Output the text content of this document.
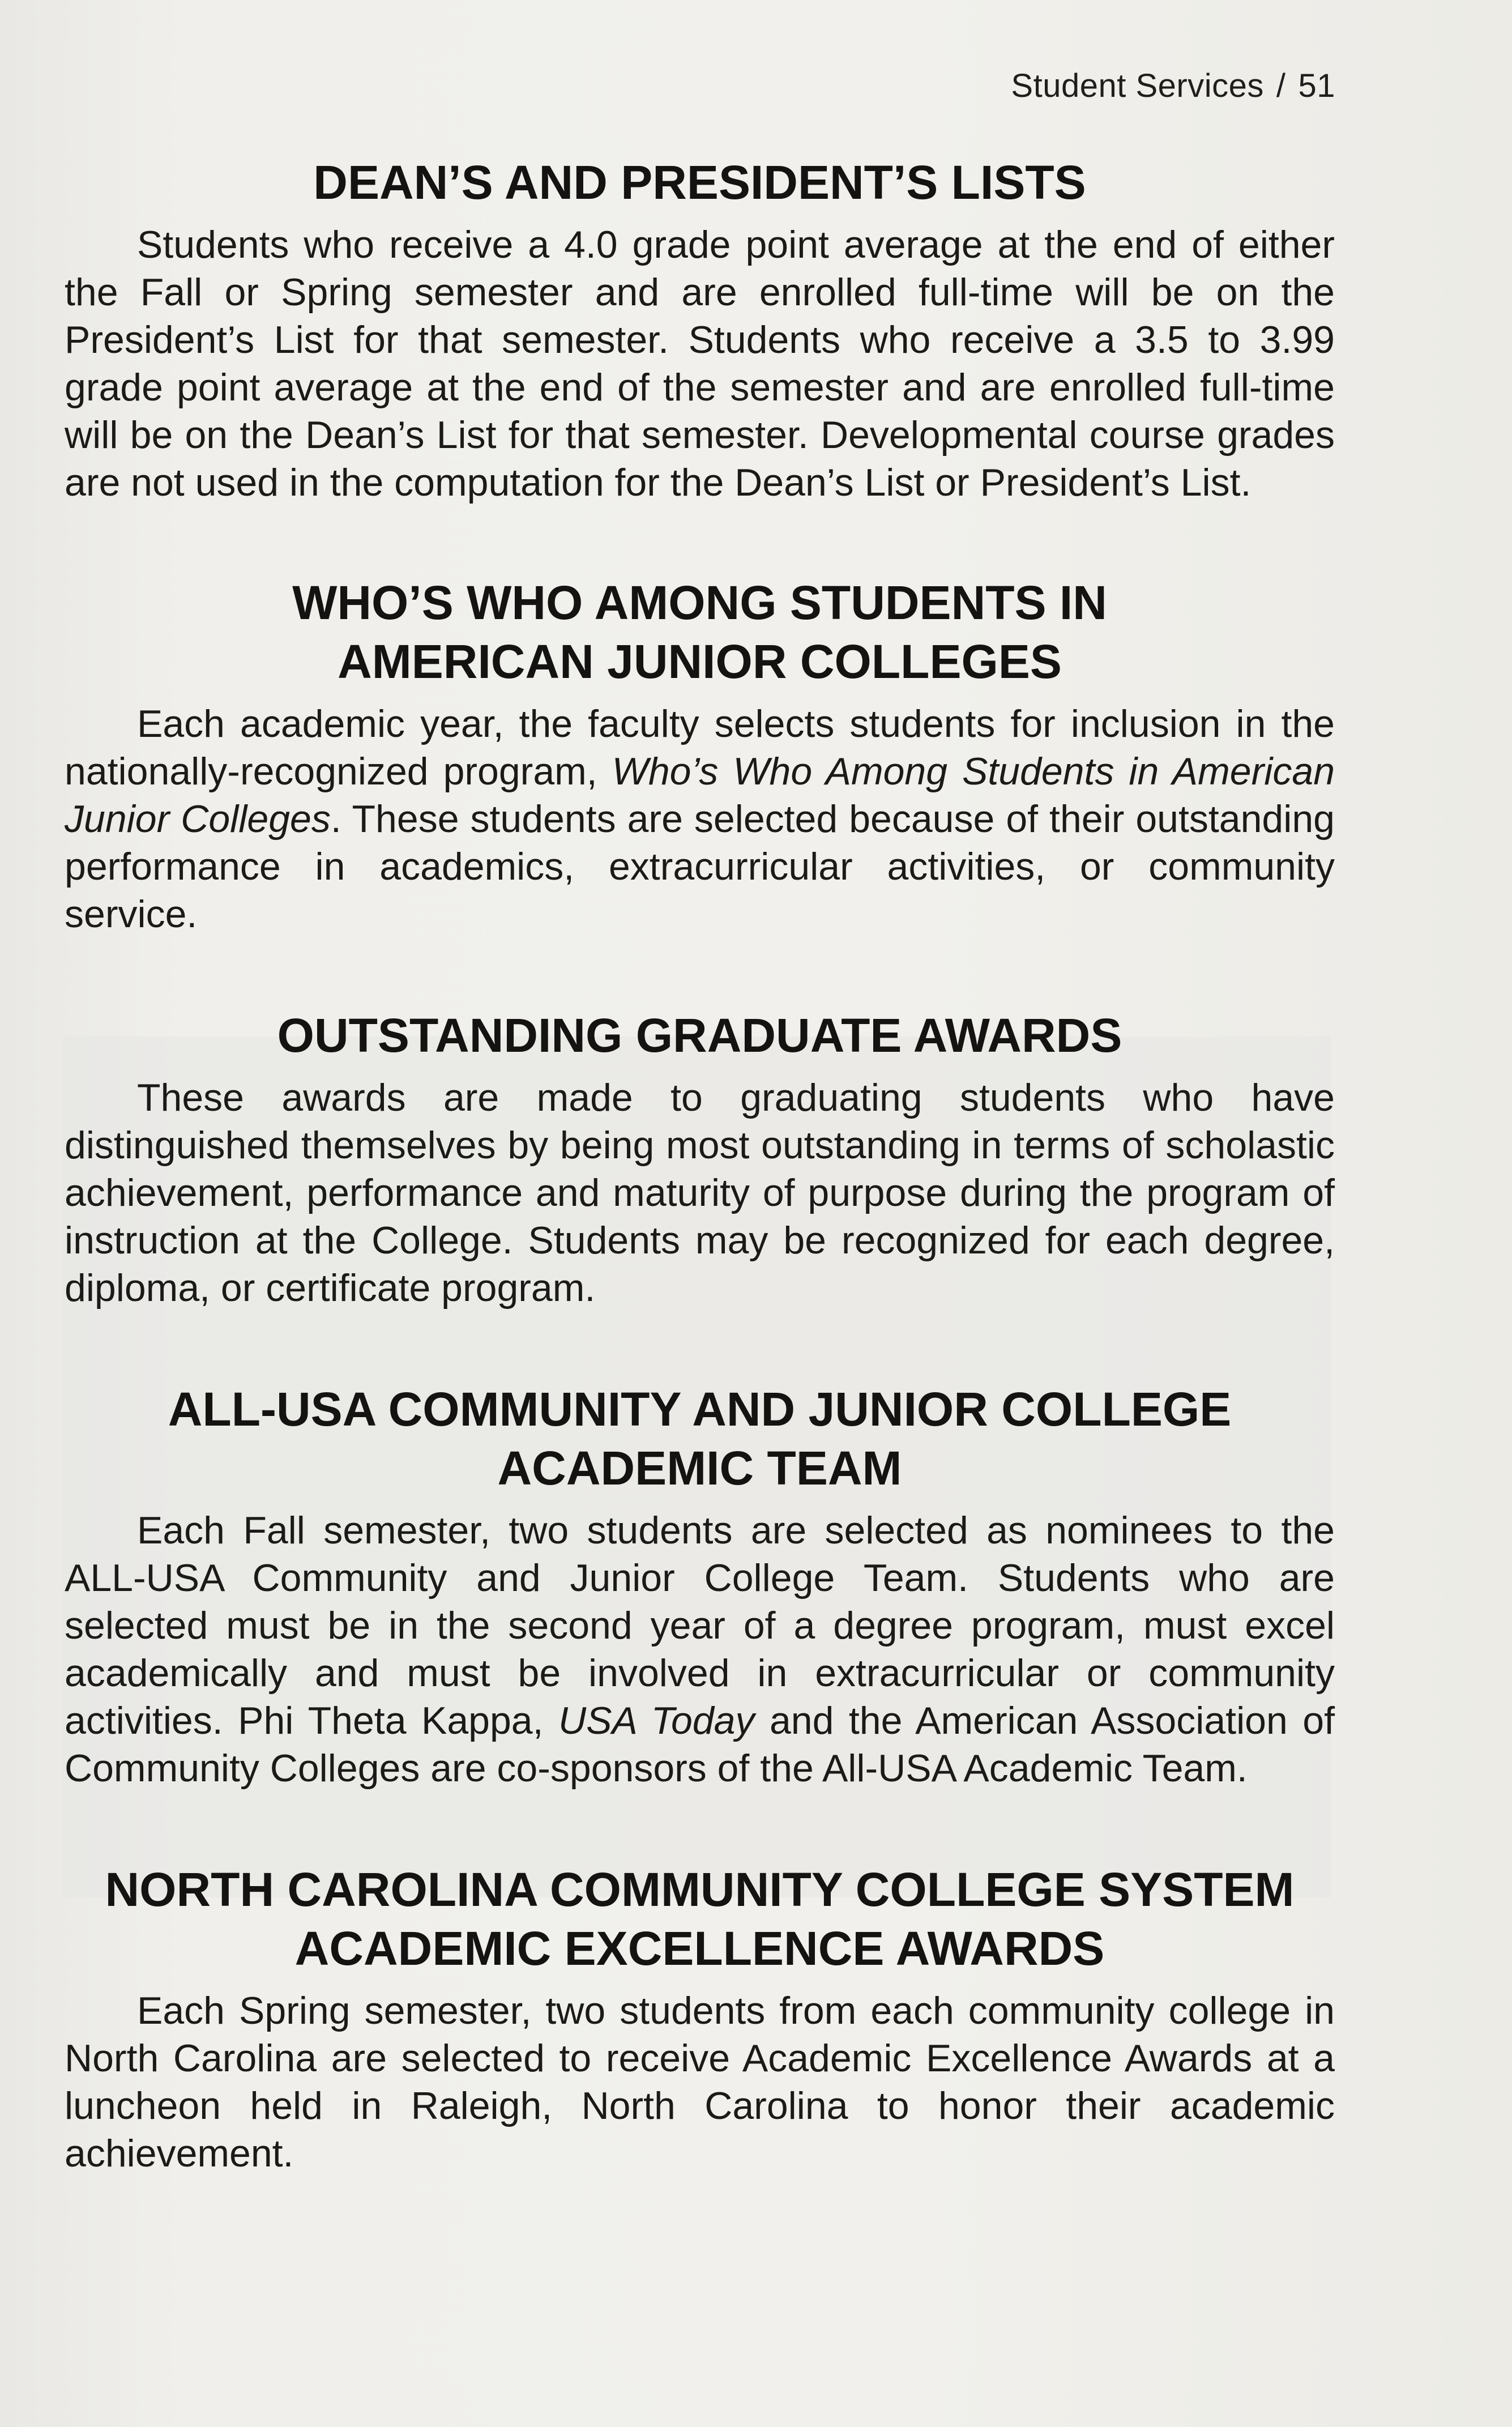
Student Services / 51
DEAN’S AND PRESIDENT’S LISTS

Students who receive a 4.0 grade point average at the end of either the Fall or Spring semester and are enrolled full-time will be on the President’s List for that semester. Students who receive a 3.5 to 3.99 grade point average at the end of the semester and are enrolled full-time will be on the Dean’s List for that semester. Developmental course grades are not used in the computation for the Dean’s List or President’s List.

WHO’S WHO AMONG STUDENTS IN
AMERICAN JUNIOR COLLEGES

Each academic year, the faculty selects students for inclusion in the nationally-recognized program, Who’s Who Among Students in American Junior Colleges. These students are selected because of their outstanding performance in academics, extracurricular activities, or community service.

OUTSTANDING GRADUATE AWARDS

These awards are made to graduating students who have distinguished themselves by being most outstanding in terms of scholastic achievement, performance and maturity of purpose during the program of instruction at the College. Students may be recognized for each degree, diploma, or certificate program.

ALL-USA COMMUNITY AND JUNIOR COLLEGE
ACADEMIC TEAM

Each Fall semester, two students are selected as nominees to the ALL-USA Community and Junior College Team. Students who are selected must be in the second year of a degree program, must excel academically and must be involved in extracurricular or community activities. Phi Theta Kappa, USA Today and the American Association of Community Colleges are co-sponsors of the All-USA Academic Team.

NORTH CAROLINA COMMUNITY COLLEGE SYSTEM
ACADEMIC EXCELLENCE AWARDS

Each Spring semester, two students from each community college in North Carolina are selected to receive Academic Excellence Awards at a luncheon held in Raleigh, North Carolina to honor their academic achievement.
